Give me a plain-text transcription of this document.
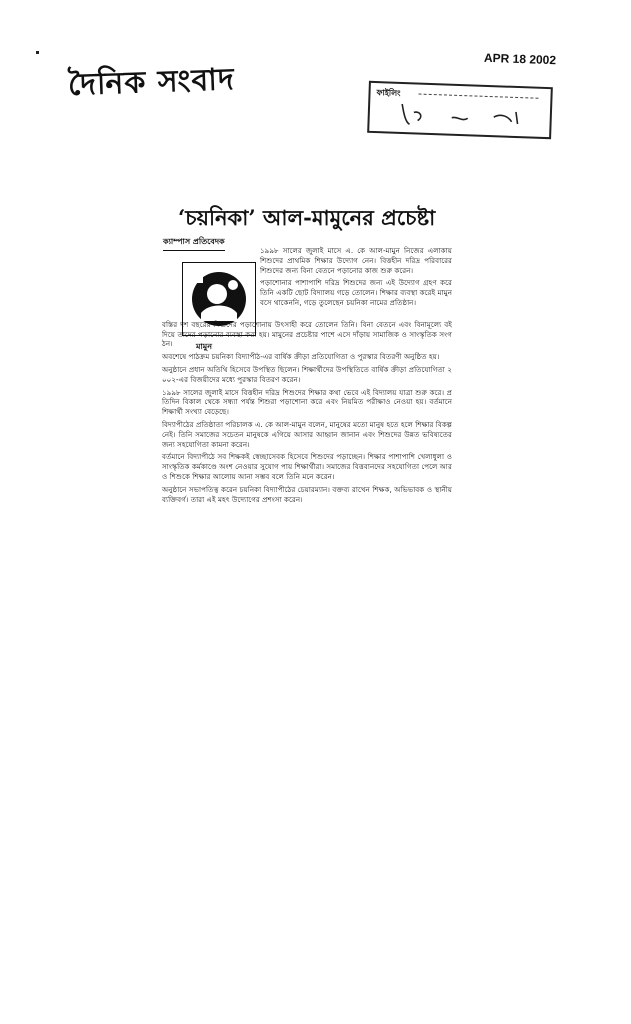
দৈনিক সংবাদ
APR 18 2002
ফাইলিং
‘চয়নিকা’ আল-মামুনের প্রচেষ্টা
ক্যাম্পাস প্রতিবেদক
মামুন

১৯৯৮ সালের জুলাই মাসে এ. কে আল-মামুন নিজের এলাকায় শিশুদের প্রাথমিক শিক্ষার উদ্যোগ নেন। বিত্তহীন দরিদ্র পরিবারের শিশুদের জন্য বিনা বেতনে পড়ানোর কাজ শুরু করেন।

পড়াশোনার পাশাপাশি দরিদ্র শিশুদের জন্য এই উদ্যোগ গ্রহণ করে তিনি একটি ছোট বিদ্যালয় গড়ে তোলেন। শিক্ষার ব্যবস্থা করেই মামুন বসে থাকেননি, গড়ে তুলেছেন চয়নিকা নামের প্রতিষ্ঠান।

বস্তির দশ বছরের শিশুদের পড়াশোনায় উৎসাহী করে তোলেন তিনি। বিনা বেতনে এবং বিনামূল্যে বই দিয়ে তাদের পড়ানোর ব্যবস্থা করা হয়। মামুনের প্রচেষ্টার পাশে এসে দাঁড়ায় সামাজিক ও সাংস্কৃতিক সংগঠন।

অবশেষে পাঠক্রম চয়নিকা বিদ্যাপীঠ-এর বার্ষিক ক্রীড়া প্রতিযোগিতা ও পুরস্কার বিতরণী অনুষ্ঠিত হয়।

অনুষ্ঠানে প্রধান অতিথি হিসেবে উপস্থিত ছিলেন। শিক্ষার্থীদের উপস্থিতিতে বার্ষিক ক্রীড়া প্রতিযোগিতা ২০০২-এর বিজয়ীদের মধ্যে পুরস্কার বিতরণ করেন।

১৯৯৮ সালের জুলাই মাসে বিত্তহীন দরিদ্র শিশুদের শিক্ষার কথা ভেবে এই বিদ্যালয় যাত্রা শুরু করে। প্রতিদিন বিকাল থেকে সন্ধ্যা পর্যন্ত শিশুরা পড়াশোনা করে এবং নিয়মিত পরীক্ষাও নেওয়া হয়। বর্তমানে শিক্ষার্থী সংখ্যা বেড়েছে।

বিদ্যাপীঠের প্রতিষ্ঠাতা পরিচালক এ. কে আল-মামুন বলেন, মানুষের মতো মানুষ হতে হলে শিক্ষার বিকল্প নেই। তিনি সমাজের সচেতন মানুষকে এগিয়ে আসার আহ্বান জানান এবং শিশুদের উন্নত ভবিষ্যতের জন্য সহযোগিতা কামনা করেন।

বর্তমানে বিদ্যাপীঠে সব শিক্ষকই স্বেচ্ছাসেবক হিসেবে শিশুদের পড়াচ্ছেন। শিক্ষার পাশাপাশি খেলাধুলা ও সাংস্কৃতিক কর্মকাণ্ডে অংশ নেওয়ার সুযোগ পায় শিক্ষার্থীরা। সমাজের বিত্তবানদের সহযোগিতা পেলে আরও শিশুকে শিক্ষার আলোয় আনা সম্ভব বলে তিনি মনে করেন।

অনুষ্ঠানে সভাপতিত্ব করেন চয়নিকা বিদ্যাপীঠের চেয়ারম্যান। বক্তব্য রাখেন শিক্ষক, অভিভাবক ও স্থানীয় ব্যক্তিবর্গ। তারা এই মহৎ উদ্যোগের প্রশংসা করেন।
